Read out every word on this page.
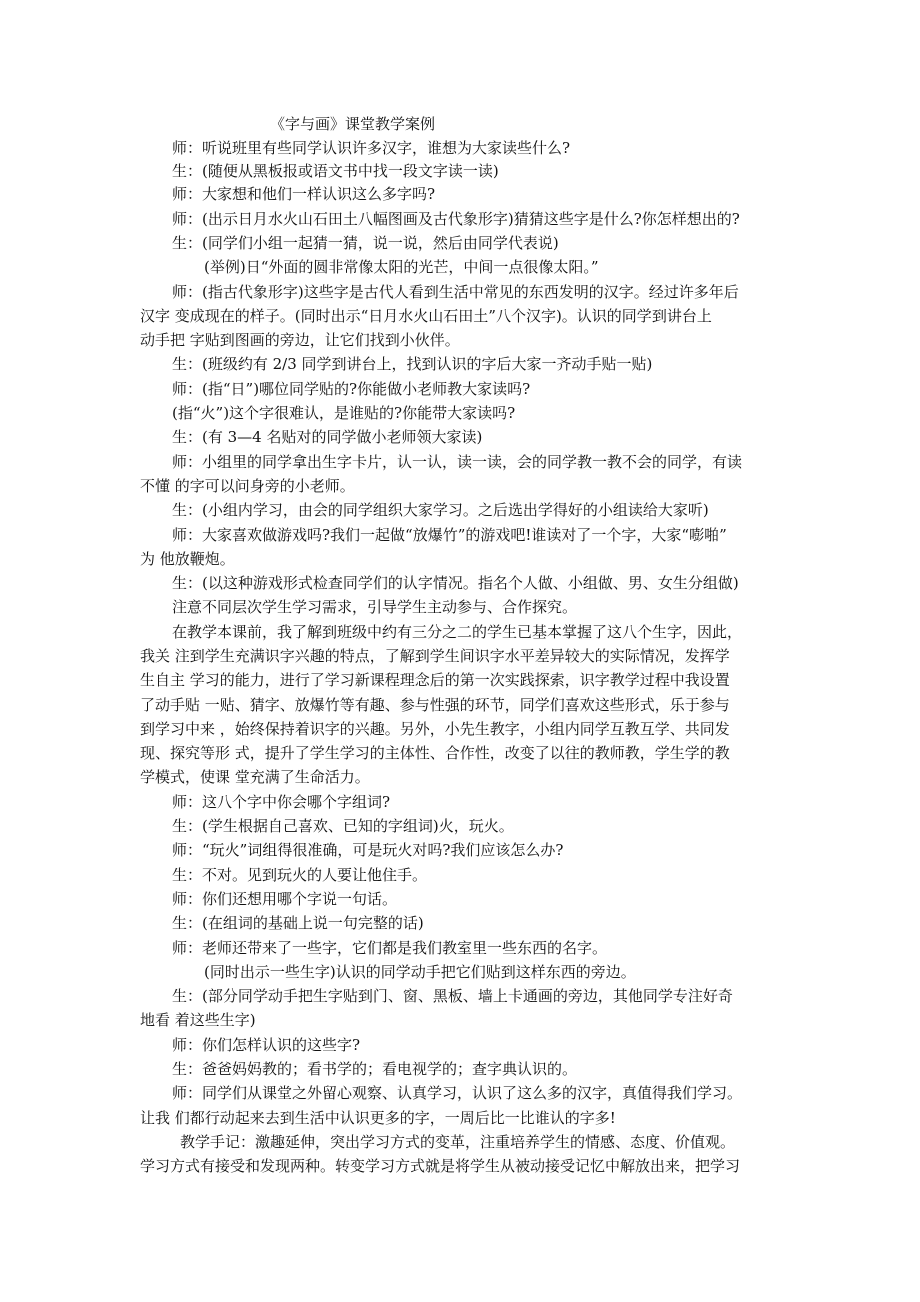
《字与画》课堂教学案例
师：听说班里有些同学认识许多汉字，谁想为大家读些什么?
生：(随便从黑板报或语文书中找一段文字读一读)
师：大家想和他们一样认识这么多字吗?
师：(出示日月水火山石田土八幅图画及古代象形字)猜猜这些字是什么?你怎样想出的?
生：(同学们小组一起猜一猜，说一说，然后由同学代表说)
(举例)日“外面的圆非常像太阳的光芒，中间一点很像太阳。”
师：(指古代象形字)这些字是古代人看到生活中常见的东西发明的汉字。经过许多年后
汉字 变成现在的样子。(同时出示“日月水火山石田土”八个汉字)。认识的同学到讲台上
动手把 字贴到图画的旁边，让它们找到小伙伴。
生：(班级约有 2/3 同学到讲台上，找到认识的字后大家一齐动手贴一贴)
师：(指“日”)哪位同学贴的?你能做小老师教大家读吗?
(指“火”)这个字很难认，是谁贴的?你能带大家读吗?
生：(有 3—4 名贴对的同学做小老师领大家读)
师：小组里的同学拿出生字卡片，认一认，读一读，会的同学教一教不会的同学，有读
不懂 的字可以问身旁的小老师。
生：(小组内学习，由会的同学组织大家学习。之后选出学得好的小组读给大家听)
师：大家喜欢做游戏吗?我们一起做“放爆竹”的游戏吧!谁读对了一个字，大家“嘭啪”
为 他放鞭炮。
生：(以这种游戏形式检查同学们的认字情况。指名个人做、小组做、男、女生分组做)
注意不同层次学生学习需求，引导学生主动参与、合作探究。
在教学本课前，我了解到班级中约有三分之二的学生已基本掌握了这八个生字，因此，
我关 注到学生充满识字兴趣的特点，了解到学生间识字水平差异较大的实际情况，发挥学
生自主 学习的能力，进行了学习新课程理念后的第一次实践探索，识字教学过程中我设置
了动手贴 一贴、猜字、放爆竹等有趣、参与性强的环节，同学们喜欢这些形式，乐于参与
到学习中来 ，始终保持着识字的兴趣。另外，小先生教字，小组内同学互教互学、共同发
现、探究等形 式，提升了学生学习的主体性、合作性，改变了以往的教师教，学生学的教
学模式，使课 堂充满了生命活力。
师：这八个字中你会哪个字组词?
生：(学生根据自己喜欢、已知的字组词)火，玩火。
师：“玩火”词组得很准确，可是玩火对吗?我们应该怎么办?
生：不对。见到玩火的人要让他住手。
师：你们还想用哪个字说一句话。
生：(在组词的基础上说一句完整的话)
师：老师还带来了一些字，它们都是我们教室里一些东西的名字。
(同时出示一些生字)认识的同学动手把它们贴到这样东西的旁边。
生：(部分同学动手把生字贴到门、窗、黑板、墙上卡通画的旁边，其他同学专注好奇
地看 着这些生字)
师：你们怎样认识的这些字?
生：爸爸妈妈教的；看书学的；看电视学的；查字典认识的。
师：同学们从课堂之外留心观察、认真学习，认识了这么多的汉字，真值得我们学习。
让我 们都行动起来去到生活中认识更多的字，一周后比一比谁认的字多!
教学手记：激趣延伸，突出学习方式的变革，注重培养学生的情感、态度、价值观。
学习方式有接受和发现两种。转变学习方式就是将学生从被动接受记忆中解放出来，把学习
